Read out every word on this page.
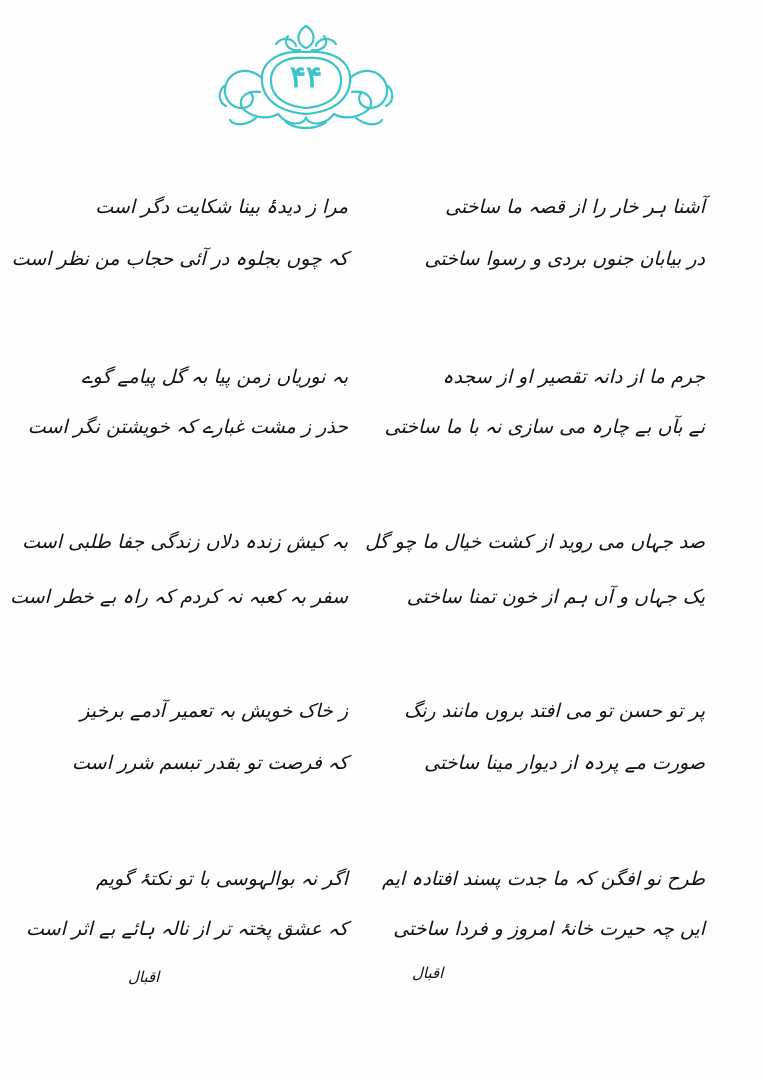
۴۴
آشنا ہر خار را از قصہ ما ساختی
در بیابان جنوں بردی و رسوا ساختی
مرا ز دیدۂ بینا شکایت دگر است
کہ چوں بجلوہ در آئی حجاب من نظر است
جرم ما از دانہ تقصیر او از سجدہ
نے بآں بے چارہ می سازی نہ با ما ساختی
بہ نوریاں زمن پیا بہ گل پیامے گوے
حذر ز مشت غبارے کہ خویشتن نگر است
صد جہاں می روید از کشت خیال ما چو گل
یک جہاں و آں ہم از خون تمنا ساختی
بہ کیش زندہ دلاں زندگی جفا طلبی است
سفر بہ کعبہ نہ کردم کہ راہ بے خطر است
پر تو حسن تو می افتد بروں مانند رنگ
صورت مے پردہ از دیوار مینا ساختی
ز خاک خویش بہ تعمیر آدمے برخیز
کہ فرصت تو بقدر تبسم شرر است
طرح نو افگن کہ ما جدت پسند افتادہ ایم
ایں چہ حیرت خانۂ امروز و فردا ساختی
اگر نہ بوالہوسی با تو نکتۂ گویم
کہ عشق پختہ تر از نالہ ہائے بے اثر است
اقبال
اقبال
